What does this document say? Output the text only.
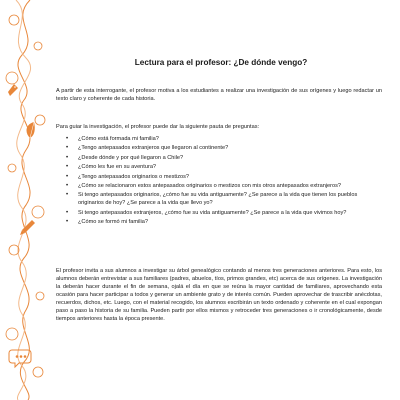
Lectura para el profesor: ¿De dónde vengo?
A partir de esta interrogante, el profesor motiva a los estudiantes a realizar una investigación de sus orígenes y luego redactar un texto claro y coherente de cada historia.
Para guiar la investigación, el profesor puede dar la siguiente pauta de preguntas:
• ¿Cómo está formada mi familia?
• ¿Tengo antepasados extranjeros que llegaron al continente?
• ¿Desde dónde y por qué llegaron a Chile?
• ¿Cómo les fue en su aventura?
• ¿Tengo antepasados originarios o mestizos?
• ¿Cómo se relacionaron estos antepasados originarios o mestizos con mis otros antepasados extranjeros?
• Si tengo antepasados originarios, ¿cómo fue su vida antiguamente? ¿Se parece a la vida que tienen los pueblos originarios de hoy? ¿Se parece a la vida que llevo yo?
• Si tengo antepasados extranjeros, ¿cómo fue su vida antiguamente? ¿Se parece a la vida que vivimos hoy?
• ¿Cómo se formó mi familia?
El profesor invita a sus alumnos a investigar su árbol genealógico contando al menos tres generaciones anteriores. Para esto, los alumnos deberán entrevistar a sus familiares (padres, abuelos, tíos, primos grandes, etc) acerca de sus orígenes. La investigación la deberán hacer durante el fin de semana, ojalá el día en que se reúna la mayor cantidad de familiares, aprovechando esta ocasión para hacer participar a todos y generar un ambiente grato y de interés común. Pueden aprovechar de trascribir anécdotas, recuerdos, dichos, etc. Luego, con el material recogido, los alumnos escribirán un texto ordenado y coherente en el cual expongan paso a paso la historia de su familia. Pueden partir por ellos mismos y retroceder tres generaciones o ir cronológicamente, desde tiempos anteriores hasta la época presente.
